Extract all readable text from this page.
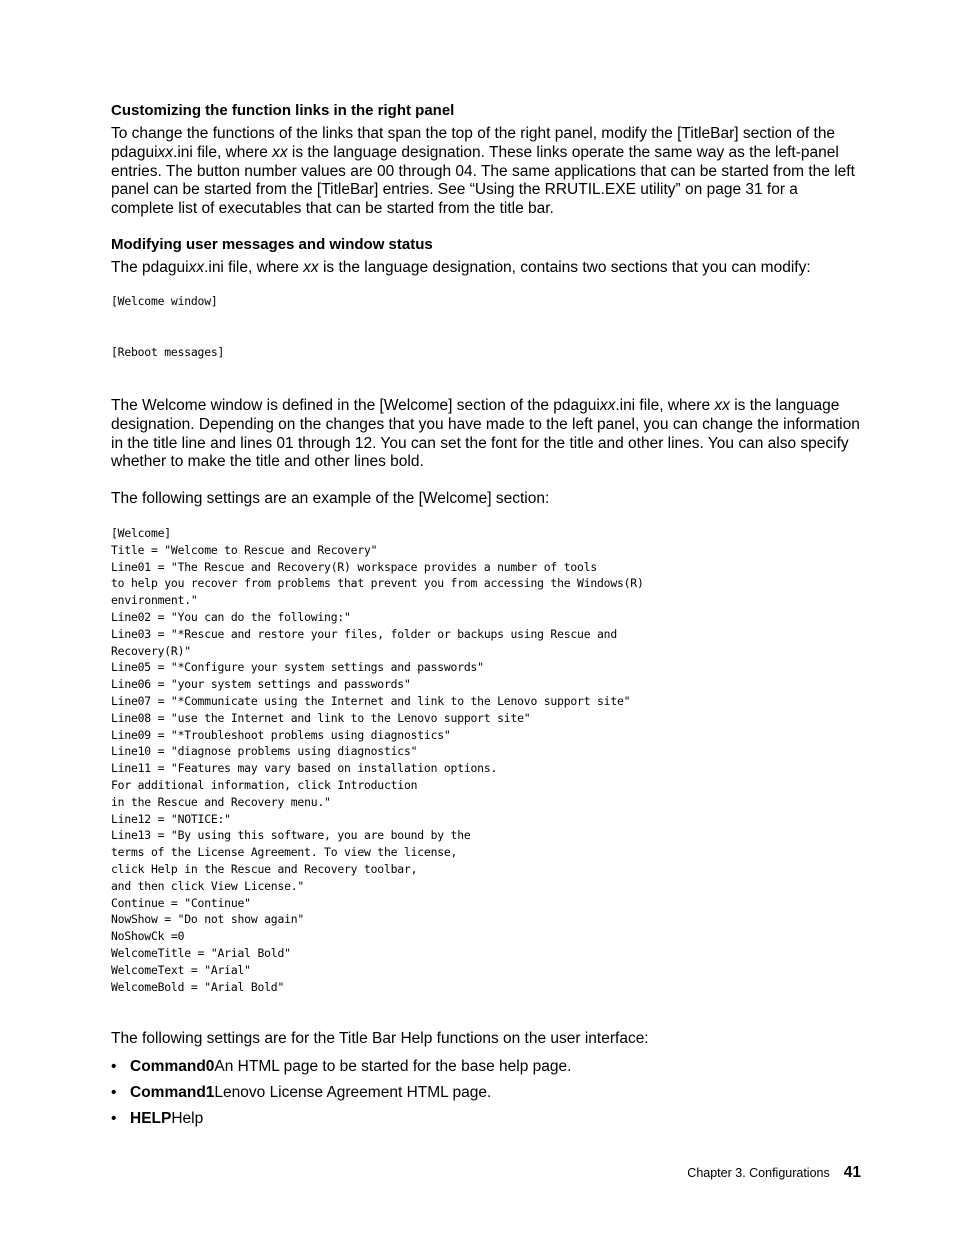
Customizing the function links in the right panel
To change the functions of the links that span the top of the right panel, modify the [TitleBar] section of the pdaguixx.ini file, where xx is the language designation. These links operate the same way as the left-panel entries. The button number values are 00 through 04. The same applications that can be started from the left panel can be started from the [TitleBar] entries. See “Using the RRUTIL.EXE utility” on page 31 for a complete list of executables that can be started from the title bar.
Modifying user messages and window status
The pdaguixx.ini file, where xx is the language designation, contains two sections that you can modify:
[Welcome window]
[Reboot messages]
The Welcome window is defined in the [Welcome] section of the pdaguixx.ini file, where xx is the language designation. Depending on the changes that you have made to the left panel, you can change the information in the title line and lines 01 through 12. You can set the font for the title and other lines. You can also specify whether to make the title and other lines bold.
The following settings are an example of the [Welcome] section:
[Welcome]
Title = "Welcome to Rescue and Recovery"
Line01 = "The Rescue and Recovery(R) workspace provides a number of tools
to help you recover from problems that prevent you from accessing the Windows(R)
environment."
Line02 = "You can do the following:"
Line03 = "*Rescue and restore your files, folder or backups using Rescue and
Recovery(R)"
Line05 = "*Configure your system settings and passwords"
Line06 = "your system settings and passwords"
Line07 = "*Communicate using the Internet and link to the Lenovo support site"
Line08 = "use the Internet and link to the Lenovo support site"
Line09 = "*Troubleshoot problems using diagnostics"
Line10 = "diagnose problems using diagnostics"
Line11 = "Features may vary based on installation options.
For additional information, click Introduction
in the Rescue and Recovery menu."
Line12 = "NOTICE:"
Line13 = "By using this software, you are bound by the
terms of the License Agreement. To view the license,
click Help in the Rescue and Recovery toolbar,
and then click View License."
Continue = "Continue"
NowShow = "Do not show again"
NoShowCk =0
WelcomeTitle = "Arial Bold"
WelcomeText = "Arial"
WelcomeBold = "Arial Bold"
The following settings are for the Title Bar Help functions on the user interface:
• Command0An HTML page to be started for the base help page.
• Command1Lenovo License Agreement HTML page.
• HELPHelp
Chapter 3. Configurations 41
